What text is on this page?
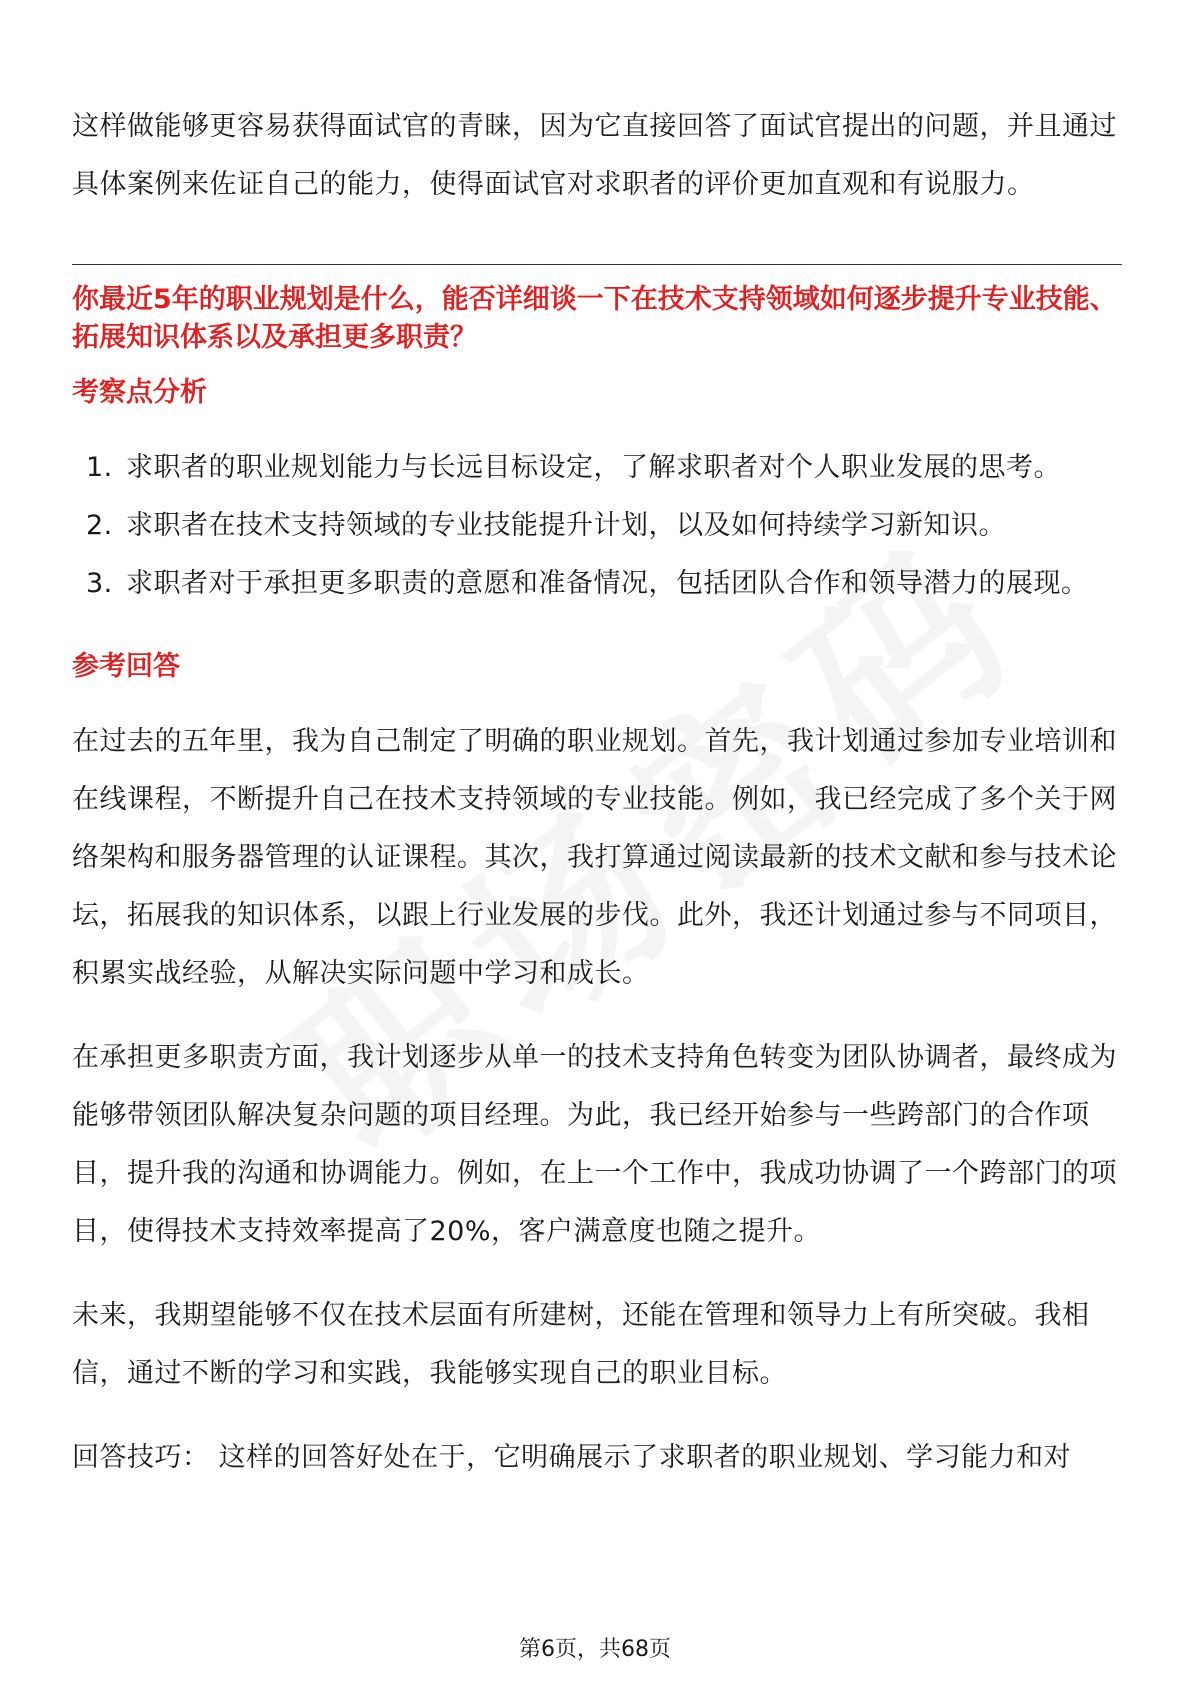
这样做能够更容易获得面试官的青睐，因为它直接回答了面试官提出的问题，并且通过具体案例来佐证自己的能力，使得面试官对求职者的评价更加直观和有说服力。

你最近5年的职业规划是什么，能否详细谈一下在技术支持领域如何逐步提升专业技能、拓展知识体系以及承担更多职责？

考察点分析

1. 求职者的职业规划能力与长远目标设定，了解求职者对个人职业发展的思考。
2. 求职者在技术支持领域的专业技能提升计划，以及如何持续学习新知识。
3. 求职者对于承担更多职责的意愿和准备情况，包括团队合作和领导潜力的展现。

参考回答

在过去的五年里，我为自己制定了明确的职业规划。首先，我计划通过参加专业培训和在线课程，不断提升自己在技术支持领域的专业技能。例如，我已经完成了多个关于网络架构和服务器管理的认证课程。其次，我打算通过阅读最新的技术文献和参与技术论坛，拓展我的知识体系，以跟上行业发展的步伐。此外，我还计划通过参与不同项目，积累实战经验，从解决实际问题中学习和成长。

在承担更多职责方面，我计划逐步从单一的技术支持角色转变为团队协调者，最终成为能够带领团队解决复杂问题的项目经理。为此，我已经开始参与一些跨部门的合作项目，提升我的沟通和协调能力。例如，在上一个工作中，我成功协调了一个跨部门的项目，使得技术支持效率提高了20%，客户满意度也随之提升。

未来，我期望能够不仅在技术层面有所建树，还能在管理和领导力上有所突破。我相信，通过不断的学习和实践，我能够实现自己的职业目标。

回答技巧： 这样的回答好处在于，它明确展示了求职者的职业规划、学习能力和对

第6页，共68页
